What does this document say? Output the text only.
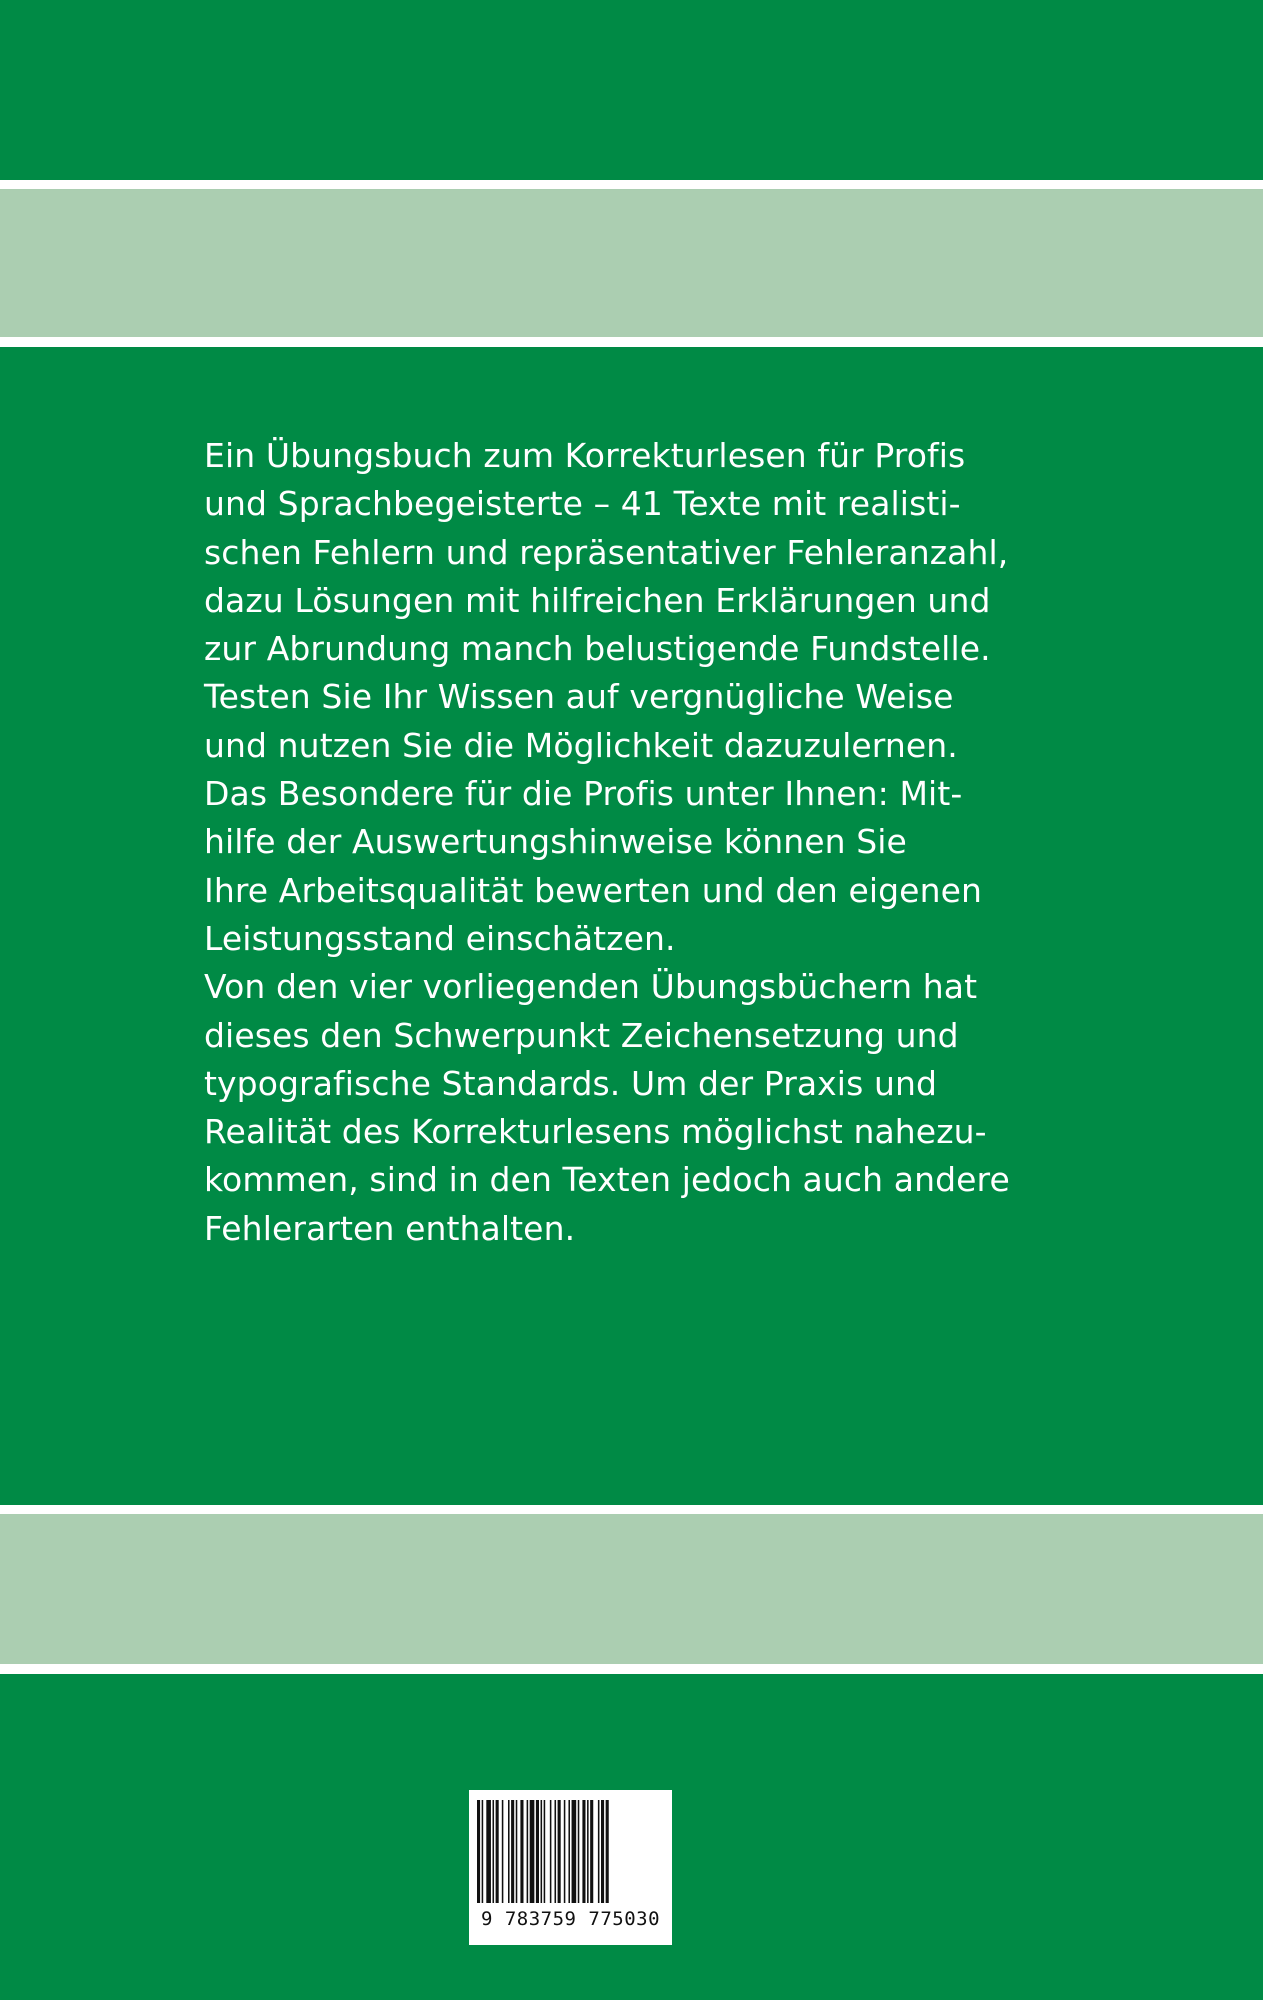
Ein Übungsbuch zum Korrekturlesen für Profis
und Sprachbegeisterte – 41 Texte mit realisti-
schen Fehlern und repräsentativer Fehleranzahl,
dazu Lösungen mit hilfreichen Erklärungen und
zur Abrundung manch belustigende Fundstelle.
Testen Sie Ihr Wissen auf vergnügliche Weise
und nutzen Sie die Möglichkeit dazuzulernen.
Das Besondere für die Profis unter Ihnen: Mit-
hilfe der Auswertungshinweise können Sie
Ihre Arbeitsqualität bewerten und den eigenen
Leistungsstand einschätzen.
Von den vier vorliegenden Übungsbüchern hat
dieses den Schwerpunkt Zeichensetzung und
typografische Standards. Um der Praxis und
Realität des Korrekturlesens möglichst nahezu-
kommen, sind in den Texten jedoch auch andere
Fehlerarten enthalten.
9 783759 775030
